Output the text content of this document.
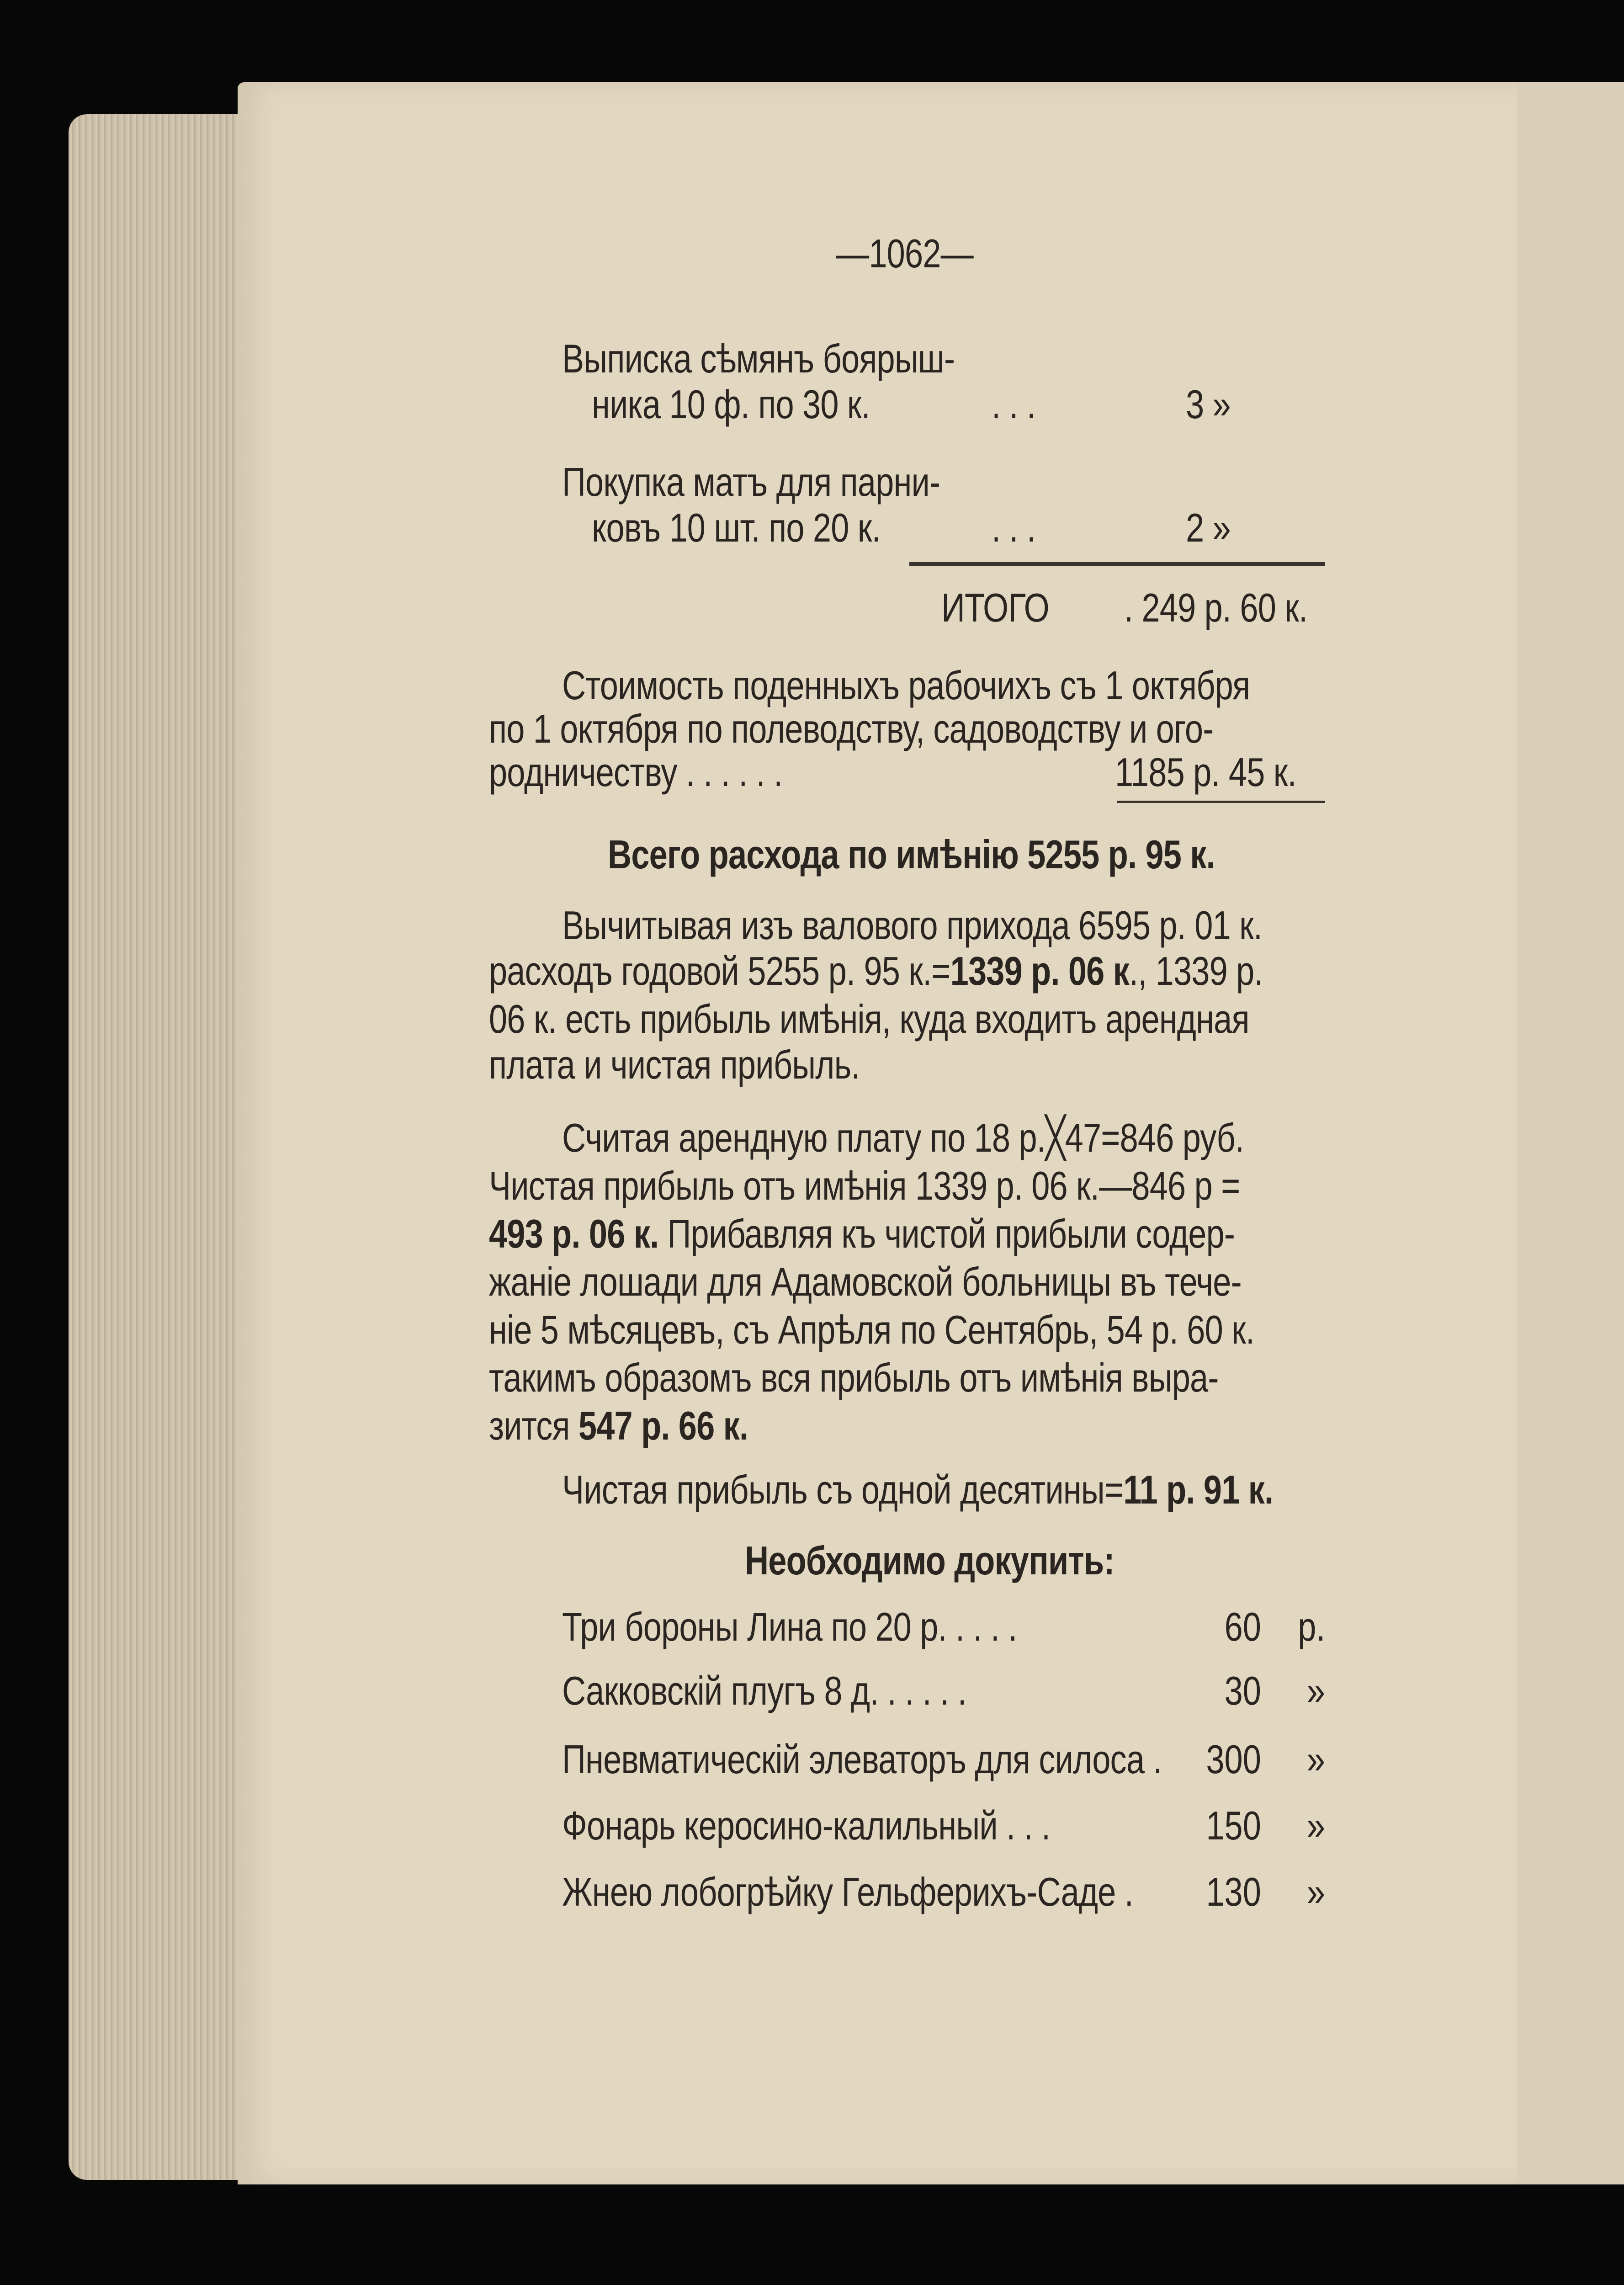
—1062—
Выписка сѣмянъ боярыш-
ника 10 ф. по 30 к.	. . .	3 »
Покупка матъ для парни-
ковъ 10 шт. по 20 к.	. . .	2 »
ИТОГО . 249 р. 60 к.
Стоимость поденныхъ рабочихъ съ 1 октября
по 1 октября по полеводству, садоводству и ого-
родничеству . . . . . .	1185 р. 45 к.
Всего расхода по имѣнію 5255 р. 95 к.
Вычитывая изъ валового прихода 6595 р. 01 к.
расходъ годовой 5255 р. 95 к.=1339 р. 06 к., 1339 р.
06 к. есть прибыль имѣнія, куда входитъ арендная
плата и чистая прибыль.
Считая арендную плату по 18 р.╳47=846 руб.
Чистая прибыль отъ имѣнія 1339 р. 06 к.—846 р =
493 р. 06 к. Прибавляя къ чистой прибыли содер-
жаніе лошади для Адамовской больницы въ тече-
ніе 5 мѣсяцевъ, съ Апрѣля по Сентябрь, 54 р. 60 к.
такимъ образомъ вся прибыль отъ имѣнія выра-
зится 547 р. 66 к.
Чистая прибыль съ одной десятины=11 р. 91 к.
Необходимо докупить:
Три бороны Лина по 20 р. . . . .	60 р.
Сакковскій плугъ 8 д. . . . . .	30 »
Пневматическій элеваторъ для силоса . 300 »
Фонарь керосино-калильный . . .	150 »
Жнею лобогрѣйку Гельферихъ-Саде . 130 »
